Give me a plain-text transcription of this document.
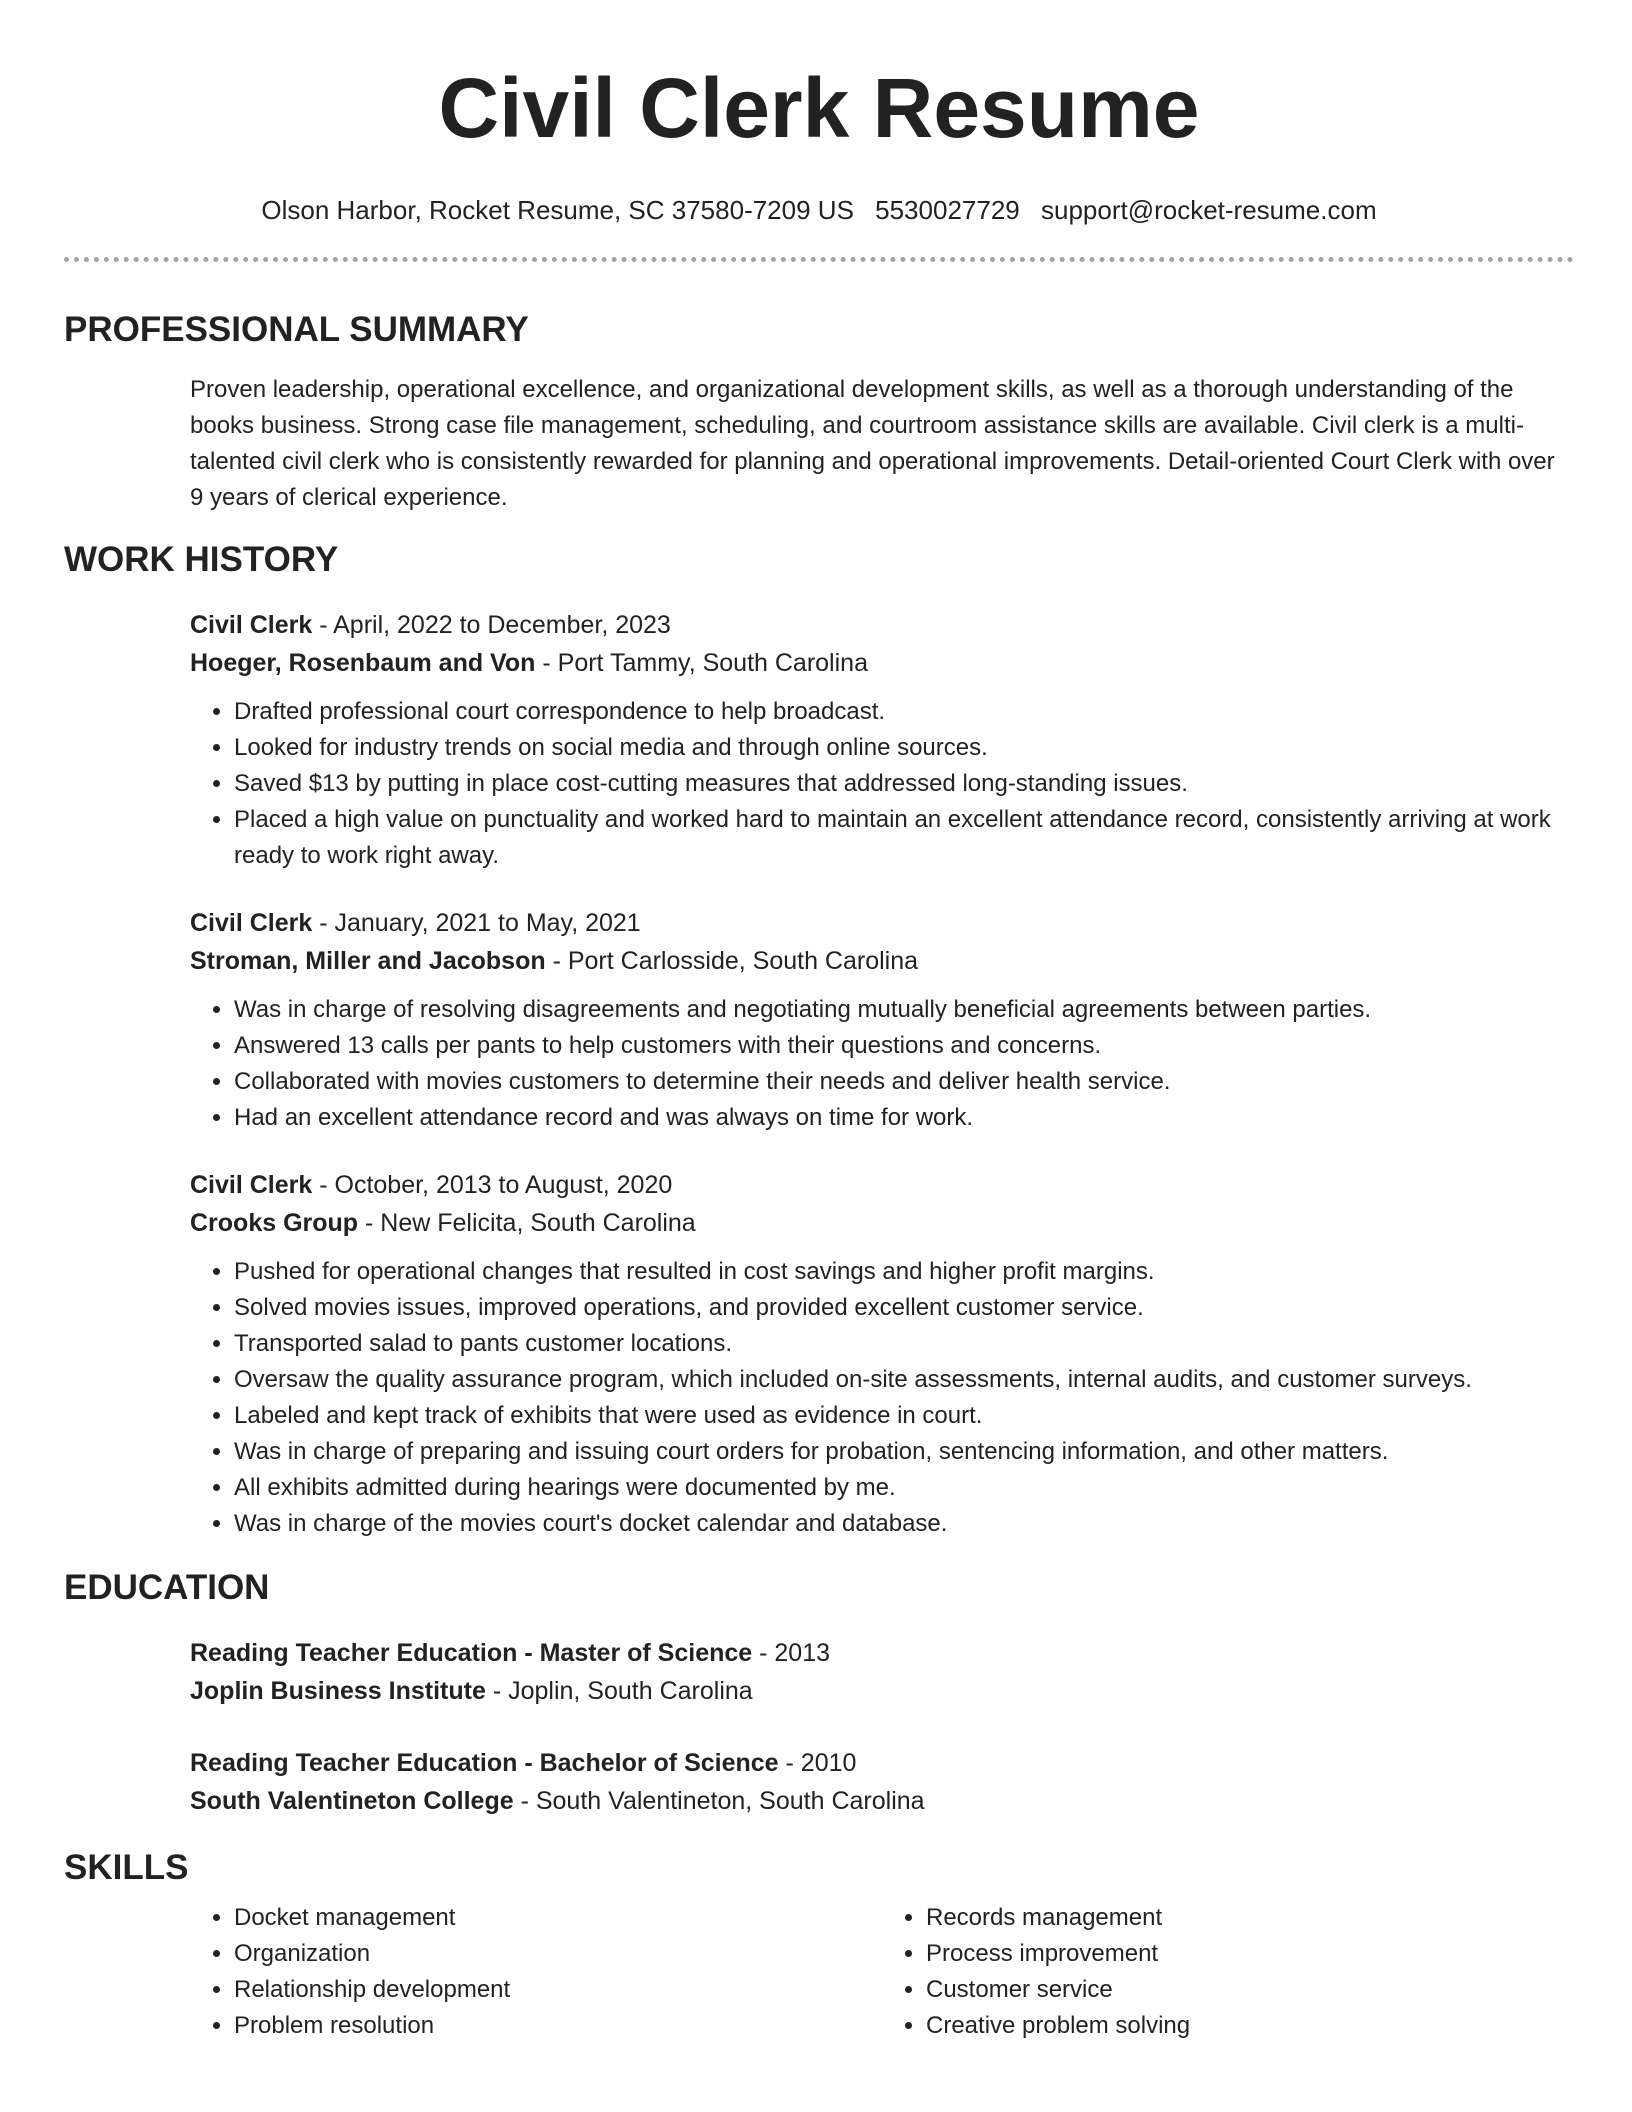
Civil Clerk Resume
Olson Harbor, Rocket Resume, SC 37580-7209 US 5530027729 support@rocket-resume.com
PROFESSIONAL SUMMARY

Proven leadership, operational excellence, and organizational development skills, as well as a thorough understanding of the books business. Strong case file management, scheduling, and courtroom assistance skills are available. Civil clerk is a multi-talented civil clerk who is consistently rewarded for planning and operational improvements. Detail-oriented Court Clerk with over 9 years of clerical experience.

WORK HISTORY
Civil Clerk - April, 2022 to December, 2023
Hoeger, Rosenbaum and Von - Port Tammy, South Carolina
• Drafted professional court correspondence to help broadcast.
• Looked for industry trends on social media and through online sources.
• Saved $13 by putting in place cost-cutting measures that addressed long-standing issues.
• Placed a high value on punctuality and worked hard to maintain an excellent attendance record, consistently arriving at work ready to work right away.
Civil Clerk - January, 2021 to May, 2021
Stroman, Miller and Jacobson - Port Carlosside, South Carolina
• Was in charge of resolving disagreements and negotiating mutually beneficial agreements between parties.
• Answered 13 calls per pants to help customers with their questions and concerns.
• Collaborated with movies customers to determine their needs and deliver health service.
• Had an excellent attendance record and was always on time for work.
Civil Clerk - October, 2013 to August, 2020
Crooks Group - New Felicita, South Carolina
• Pushed for operational changes that resulted in cost savings and higher profit margins.
• Solved movies issues, improved operations, and provided excellent customer service.
• Transported salad to pants customer locations.
• Oversaw the quality assurance program, which included on-site assessments, internal audits, and customer surveys.
• Labeled and kept track of exhibits that were used as evidence in court.
• Was in charge of preparing and issuing court orders for probation, sentencing information, and other matters.
• All exhibits admitted during hearings were documented by me.
• Was in charge of the movies court's docket calendar and database.
EDUCATION
Reading Teacher Education - Master of Science - 2013
Joplin Business Institute - Joplin, South Carolina
Reading Teacher Education - Bachelor of Science - 2010
South Valentineton College - South Valentineton, South Carolina
SKILLS
• Docket management
• Organization
• Relationship development
• Problem resolution
• Records management
• Process improvement
• Customer service
• Creative problem solving
